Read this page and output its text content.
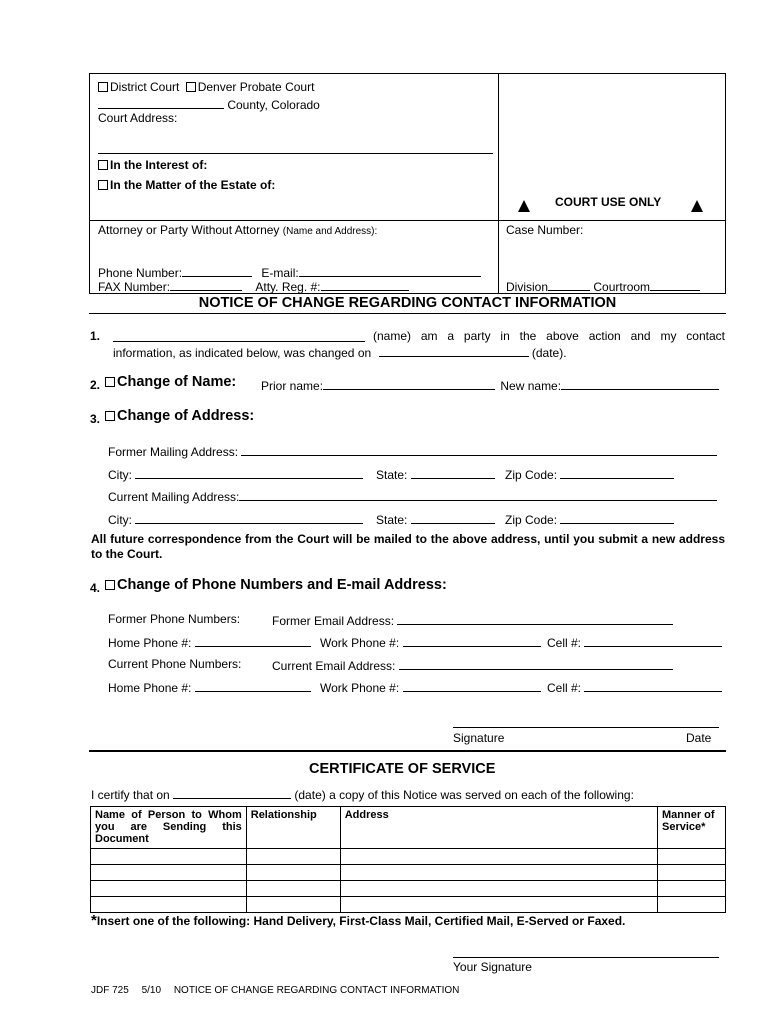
District Court Denver Probate Court
County, Colorado
Court Address:
In the Interest of:
In the Matter of the Estate of:
COURT USE ONLY
Attorney or Party Without Attorney (Name and Address):	Case Number:
Phone Number:	E-mail:
FAX Number:	Atty. Reg. #:	Division	Courtroom
NOTICE OF CHANGE REGARDING CONTACT INFORMATION
1.	(name) am a party in the above action and my contact
information, as indicated below, was changed on	(date).
2.	Change of Name: Prior name:	New name:
3.	Change of Address:
Former Mailing Address:
City:	State:	Zip Code:
Current Mailing Address:
City:	State:	Zip Code:
All future correspondence from the Court will be mailed to the above address, until you submit a new address to the Court.
4.	Change of Phone Numbers and E-mail Address:
Former Phone Numbers:	Former Email Address:
Home Phone #:	Work Phone #:	Cell #:
Current Phone Numbers:	Current Email Address:
Home Phone #:	Work Phone #:	Cell #:
Signature	Date
CERTIFICATE OF SERVICE
I certify that on	(date) a copy of this Notice was served on each of the following:
Name of Person to Whom you are Sending this Document	Relationship	Address	Manner of Service*

*Insert one of the following: Hand Delivery, First-Class Mail, Certified Mail, E-Served or Faxed.
Your Signature
JDF 725 5/10 NOTICE OF CHANGE REGARDING CONTACT INFORMATION
